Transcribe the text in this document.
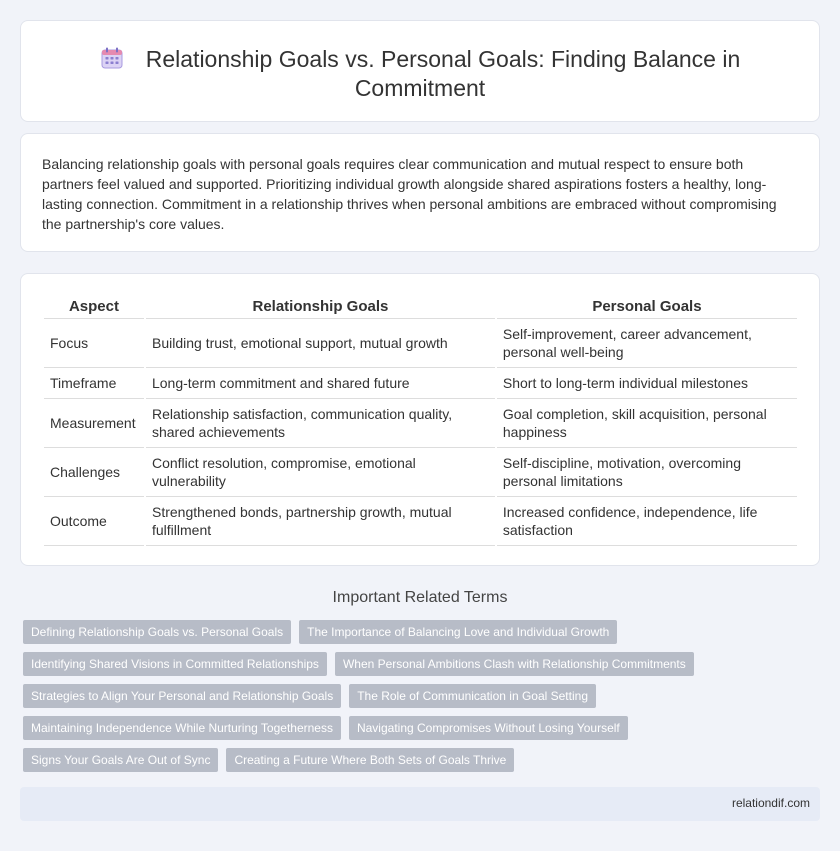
Relationship Goals vs. Personal Goals: Finding Balance in Commitment

Balancing relationship goals with personal goals requires clear communication and mutual respect to ensure both partners feel valued and supported. Prioritizing individual growth alongside shared aspirations fosters a healthy, long-lasting connection. Commitment in a relationship thrives when personal ambitions are embraced without compromising the partnership's core values.

Aspect	Relationship Goals	Personal Goals
Focus	Building trust, emotional support, mutual growth	Self-improvement, career advancement, personal well-being
Timeframe	Long-term commitment and shared future	Short to long-term individual milestones
Measurement	Relationship satisfaction, communication quality, shared achievements	Goal completion, skill acquisition, personal happiness
Challenges	Conflict resolution, compromise, emotional vulnerability	Self-discipline, motivation, overcoming personal limitations
Outcome	Strengthened bonds, partnership growth, mutual fulfillment	Increased confidence, independence, life satisfaction
Important Related Terms
Defining Relationship Goals vs. Personal Goals	The Importance of Balancing Love and Individual Growth
Identifying Shared Visions in Committed Relationships	When Personal Ambitions Clash with Relationship Commitments
Strategies to Align Your Personal and Relationship Goals	The Role of Communication in Goal Setting
Maintaining Independence While Nurturing Togetherness	Navigating Compromises Without Losing Yourself
Signs Your Goals Are Out of Sync	Creating a Future Where Both Sets of Goals Thrive
relationdif.com
